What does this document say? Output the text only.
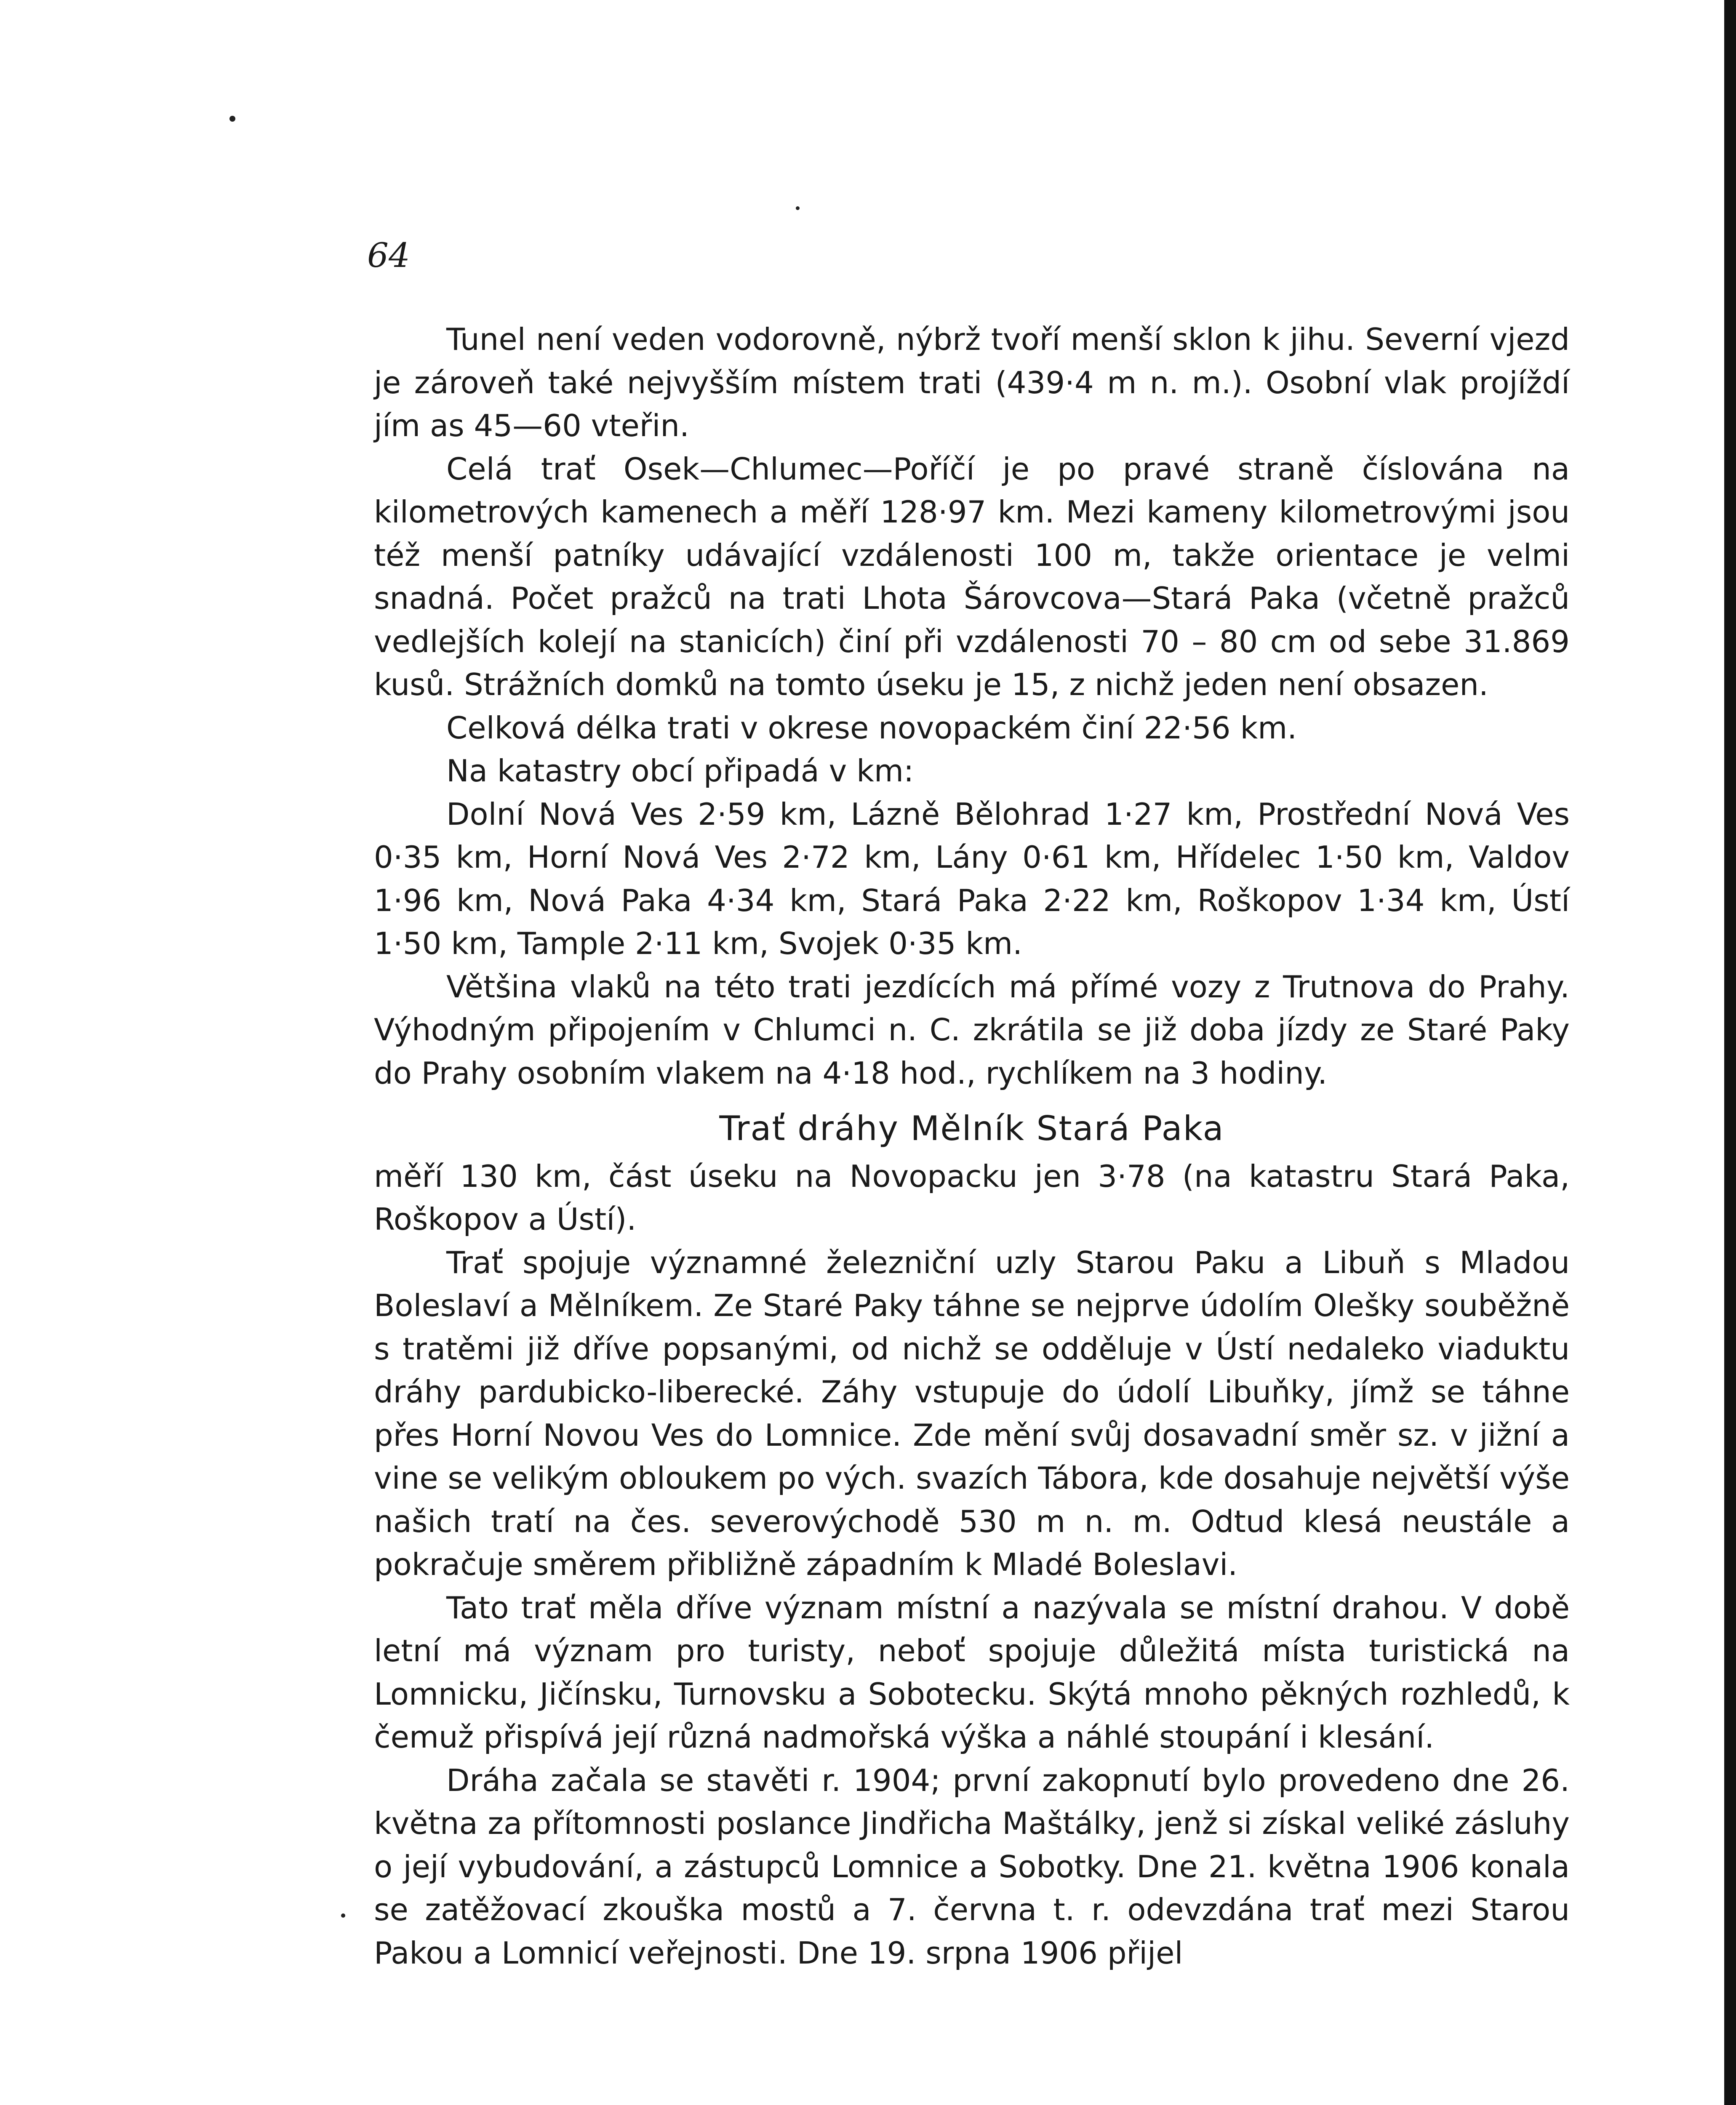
64

Tunel není veden vodorovně, nýbrž tvoří menší sklon k jihu. Severní vjezd je zároveň také nejvyšším místem trati (439·4 m n. m.). Osobní vlak projíždí jím as 45—60 vteřin.

Celá trať Osek—Chlumec—Poříčí je po pravé straně číslována na kilometrových kamenech a měří 128·97 km. Mezi kameny kilometrovými jsou též menší patníky udávající vzdálenosti 100 m, takže orientace je velmi snadná. Počet pražců na trati Lhota Šárovcova—Stará Paka (včetně pražců vedlejších kolejí na stanicích) činí při vzdálenosti 70 – 80 cm od sebe 31.869 kusů. Strážních domků na tomto úseku je 15, z nichž jeden není obsazen.

Celková délka trati v okrese novopackém činí 22·56 km.

Na katastry obcí připadá v km:

Dolní Nová Ves 2·59 km, Lázně Bělohrad 1·27 km, Prostřední Nová Ves 0·35 km, Horní Nová Ves 2·72 km, Lány 0·61 km, Hřídelec 1·50 km, Valdov 1·96 km, Nová Paka 4·34 km, Stará Paka 2·22 km, Roškopov 1·34 km, Ústí 1·50 km, Tample 2·11 km, Svojek 0·35 km.

Většina vlaků na této trati jezdících má přímé vozy z Trutnova do Prahy. Výhodným připojením v Chlumci n. C. zkrátila se již doba jízdy ze Staré Paky do Prahy osobním vlakem na 4·18 hod., rychlíkem na 3 hodiny.

Trať dráhy Mělník Stará Paka

měří 130 km, část úseku na Novopacku jen 3·78 (na katastru Stará Paka, Roškopov a Ústí).

Trať spojuje významné železniční uzly Starou Paku a Libuň s Mladou Boleslaví a Mělníkem. Ze Staré Paky táhne se nejprve údolím Olešky souběžně s tratěmi již dříve popsanými, od nichž se odděluje v Ústí nedaleko viaduktu dráhy pardubicko-liberecké. Záhy vstupuje do údolí Libuňky, jímž se táhne přes Horní Novou Ves do Lomnice. Zde mění svůj dosavadní směr sz. v jižní a vine se velikým obloukem po vých. svazích Tábora, kde dosahuje největší výše našich tratí na čes. severovýchodě 530 m n. m. Odtud klesá neustále a pokračuje směrem přibližně západním k Mladé Boleslavi.

Tato trať měla dříve význam místní a nazývala se místní drahou. V době letní má význam pro turisty, neboť spojuje důležitá místa turistická na Lomnicku, Jičínsku, Turnovsku a Sobotecku. Skýtá mnoho pěkných rozhledů, k čemuž přispívá její různá nadmořská výška a náhlé stoupání i klesání.

Dráha začala se stavěti r. 1904; první zakopnutí bylo provedeno dne 26. května za přítomnosti poslance Jindřicha Maštálky, jenž si získal veliké zásluhy o její vybudování, a zástupců Lomnice a Sobotky. Dne 21. května 1906 konala se zatěžovací zkouška mostů a 7. června t. r. odevzdána trať mezi Starou Pakou a Lomnicí veřejnosti. Dne 19. srpna 1906 přijel
